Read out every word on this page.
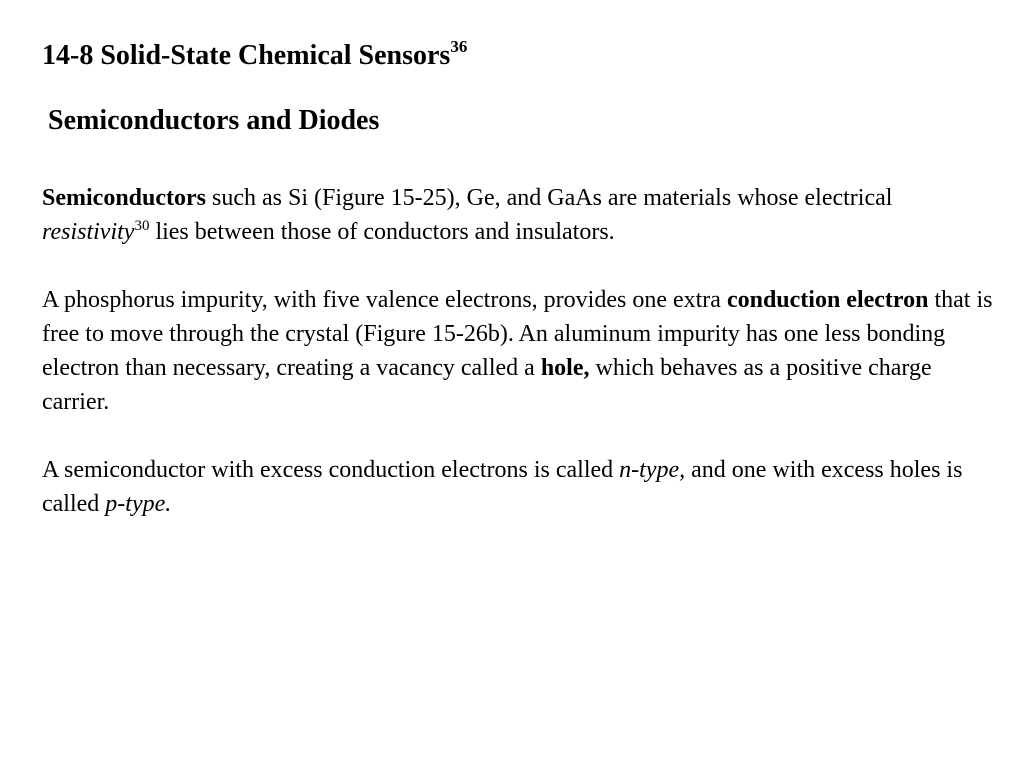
14-8 Solid-State Chemical Sensors$^{36}$
Semiconductors and Diodes

Semiconductors such as Si (Figure 15-25), Ge, and GaAs are materials whose electrical resistivity$^{30}$ lies between those of conductors and insulators.

A phosphorus impurity, with five valence electrons, provides one extra conduction electron that is free to move through the crystal (Figure 15-26b). An aluminum impurity has one less bonding electron than necessary, creating a vacancy called a hole, which behaves as a positive charge carrier.

A semiconductor with excess conduction electrons is called n-type, and one with excess holes is called p-type.
